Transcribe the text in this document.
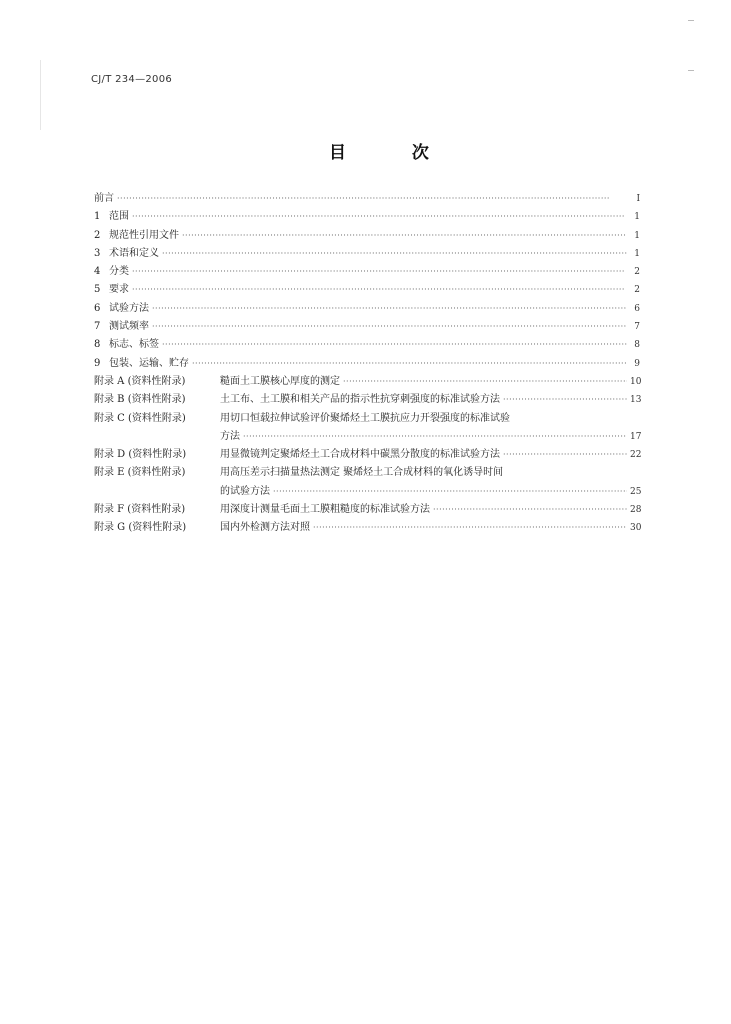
CJ/T 234—2006
目 次
前言 ·····	I
1 范围 ·····	1
2 规范性引用文件 ·····	1
3 术语和定义 ·····	1
4 分类 ·····	2
5 要求 ·····	2
6 试验方法 ·····	6
7 测试频率 ·····	7
8 标志、标签 ·····	8
9 包装、运输、贮存 ·····	9
附录 A (资料性附录)	糙面土工膜核心厚度的测定 ·····	10
附录 B (资料性附录)	土工布、土工膜和相关产品的指示性抗穿刺强度的标准试验方法 ·····	13
附录 C (资料性附录)	用切口恒载拉伸试验评价聚烯烃土工膜抗应力开裂强度的标准试验
方法 ·····	17
附录 D (资料性附录)	用显微镜判定聚烯烃土工合成材料中碳黑分散度的标准试验方法 ·····	22
附录 E (资料性附录)	用高压差示扫描量热法测定 聚烯烃土工合成材料的氧化诱导时间
的试验方法 ·····	25
附录 F (资料性附录)	用深度计测量毛面土工膜粗糙度的标准试验方法 ·····	28
附录 G (资料性附录)	国内外检测方法对照 ·····	30
